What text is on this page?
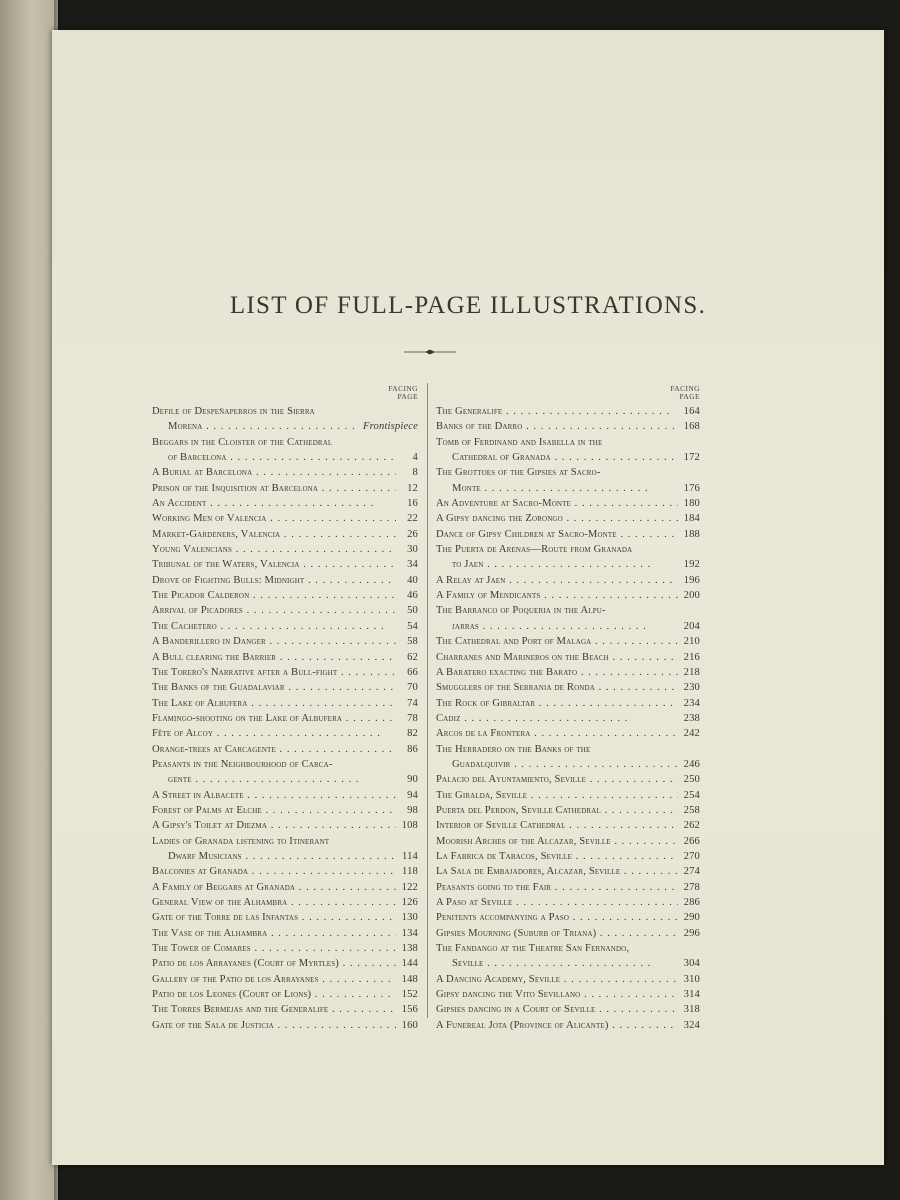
LIST OF FULL-PAGE ILLUSTRATIONS.
FACING
PAGE
Defile of Despeñaperros in the Sierra
Morena . .	Frontispiece
Beggars in the Cloister of the Cathedral
of Barcelona . .	4
A Burial at Barcelona . .	8
Prison of the Inquisition at Barcelona . .	12
An Accident . .	16
Working Men of Valencia . .	22
Market-Gardeners, Valencia . .	26
Young Valencians . .	30
Tribunal of the Waters, Valencia . .	34
Drove of Fighting Bulls: Midnight . .	40
The Picador Calderon . .	46
Arrival of Picadores . .	50
The Cachetero . .	54
A Banderillero in Danger . .	58
A Bull clearing the Barrier . .	62
The Torero's Narrative after a Bull-fight . .	66
The Banks of the Guadalaviar . .	70
The Lake of Albufera . .	74
Flamingo-shooting on the Lake of Albufera . .	78
Fête of Alcoy . .	82
Orange-trees at Carcagente . .	86
Peasants in the Neighbourhood of Carca-
gente . .	90
A Street in Albacete . .	94
Forest of Palms at Elche . .	98
A Gipsy's Toilet at Diezma . .	108
Ladies of Granada listening to Itinerant
Dwarf Musicians . .	114
Balconies at Granada . .	118
A Family of Beggars at Granada . .	122
General View of the Alhambra . .	126
Gate of the Torre de las Infantas . .	130
The Vase of the Alhambra . .	134
The Tower of Comares . .	138
Patio de los Arrayanes (Court of Myrtles) . .	144
Gallery of the Patio de los Arrayanes . .	148
Patio de los Leones (Court of Lions) . .	152
The Torres Bermejas and the Generalife . .	156
Gate of the Sala de Justicia . .	160
FACING
PAGE
The Generalife . .	164
Banks of the Darro . .	168
Tomb of Ferdinand and Isabella in the
Cathedral of Granada . .	172
The Grottoes of the Gipsies at Sacro-
Monte . .	176
An Adventure at Sacro-Monte . .	180
A Gipsy dancing the Zorongo . .	184
Dance of Gipsy Children at Sacro-Monte . .	188
The Puerta de Arenas—Route from Granada
to Jaen . .	192
A Relay at Jaen . .	196
A Family of Mendicants . .	200
The Barranco of Poqueria in the Alpu-
jarras . .	204
The Cathedral and Port of Malaga . .	210
Charranes and Marineros on the Beach . .	216
A Baratero exacting the Barato . .	218
Smugglers of the Serrania de Ronda . .	230
The Rock of Gibraltar . .	234
Cadiz . .	238
Arcos de la Frontera . .	242
The Herradero on the Banks of the
Guadalquivir . .	246
Palacio del Ayuntamiento, Seville . .	250
The Giralda, Seville . .	254
Puerta del Perdon, Seville Cathedral . .	258
Interior of Seville Cathedral . .	262
Moorish Arches of the Alcazar, Seville . .	266
La Fabrica de Tabacos, Seville . .	270
La Sala de Embajadores, Alcazar, Seville . .	274
Peasants going to the Fair . .	278
A Paso at Seville . .	286
Penitents accompanying a Paso . .	290
Gipsies Mourning (Suburb of Triana) . .	296
The Fandango at the Theatre San Fernando,
Seville . .	304
A Dancing Academy, Seville . .	310
Gipsy dancing the Vito Sevillano . .	314
Gipsies dancing in a Court of Seville . .	318
A Funereal Jota (Province of Alicante) . .	324
